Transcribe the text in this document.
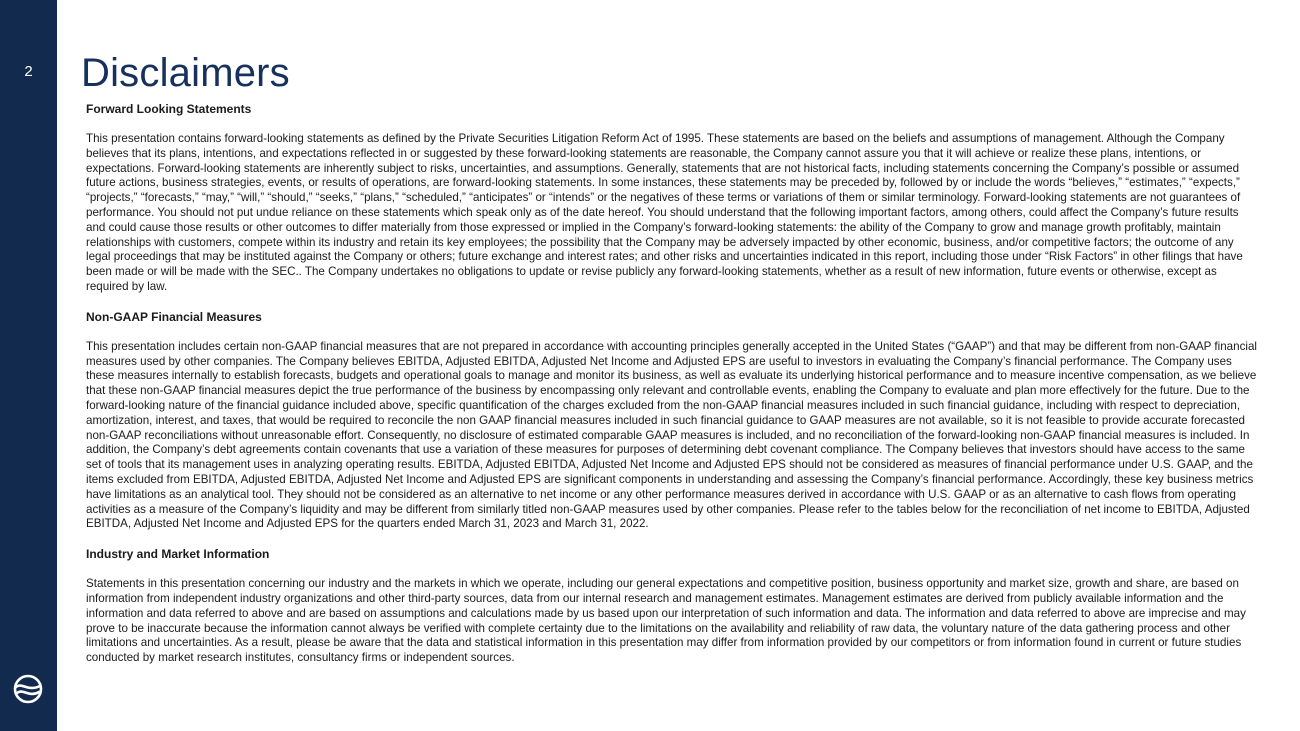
2	Disclaimers
Forward Looking Statements

This presentation contains forward-looking statements as defined by the Private Securities Litigation Reform Act of 1995. These statements are based on the beliefs and assumptions of management. Although the Company believes that its plans, intentions, and expectations reflected in or suggested by these forward-looking statements are reasonable, the Company cannot assure you that it will achieve or realize these plans, intentions, or expectations. Forward-looking statements are inherently subject to risks, uncertainties, and assumptions. Generally, statements that are not historical facts, including statements concerning the Company’s possible or assumed future actions, business strategies, events, or results of operations, are forward-looking statements. In some instances, these statements may be preceded by, followed by or include the words “believes,” “estimates,” “expects,” “projects,” “forecasts,” “may,” “will,” “should,” “seeks,” “plans,” “scheduled,” “anticipates” or “intends” or the negatives of these terms or variations of them or similar terminology. Forward-looking statements are not guarantees of performance. You should not put undue reliance on these statements which speak only as of the date hereof. You should understand that the following important factors, among others, could affect the Company’s future results and could cause those results or other outcomes to differ materially from those expressed or implied in the Company’s forward-looking statements: the ability of the Company to grow and manage growth profitably, maintain relationships with customers, compete within its industry and retain its key employees; the possibility that the Company may be adversely impacted by other economic, business, and/or competitive factors; the outcome of any legal proceedings that may be instituted against the Company or others; future exchange and interest rates; and other risks and uncertainties indicated in this report, including those under “Risk Factors” in other filings that have been made or will be made with the SEC.. The Company undertakes no obligations to update or revise publicly any forward-looking statements, whether as a result of new information, future events or otherwise, except as required by law.

Non-GAAP Financial Measures

This presentation includes certain non-GAAP financial measures that are not prepared in accordance with accounting principles generally accepted in the United States (“GAAP”) and that may be different from non-GAAP financial measures used by other companies. The Company believes EBITDA, Adjusted EBITDA, Adjusted Net Income and Adjusted EPS are useful to investors in evaluating the Company’s financial performance. The Company uses these measures internally to establish forecasts, budgets and operational goals to manage and monitor its business, as well as evaluate its underlying historical performance and to measure incentive compensation, as we believe that these non-GAAP financial measures depict the true performance of the business by encompassing only relevant and controllable events, enabling the Company to evaluate and plan more effectively for the future. Due to the forward-looking nature of the financial guidance included above, specific quantification of the charges excluded from the non-GAAP financial measures included in such financial guidance, including with respect to depreciation, amortization, interest, and taxes, that would be required to reconcile the non GAAP financial measures included in such financial guidance to GAAP measures are not available, so it is not feasible to provide accurate forecasted non-GAAP reconciliations without unreasonable effort. Consequently, no disclosure of estimated comparable GAAP measures is included, and no reconciliation of the forward-looking non-GAAP financial measures is included. In addition, the Company’s debt agreements contain covenants that use a variation of these measures for purposes of determining debt covenant compliance. The Company believes that investors should have access to the same set of tools that its management uses in analyzing operating results. EBITDA, Adjusted EBITDA, Adjusted Net Income and Adjusted EPS should not be considered as measures of financial performance under U.S. GAAP, and the items excluded from EBITDA, Adjusted EBITDA, Adjusted Net Income and Adjusted EPS are significant components in understanding and assessing the Company’s financial performance. Accordingly, these key business metrics have limitations as an analytical tool. They should not be considered as an alternative to net income or any other performance measures derived in accordance with U.S. GAAP or as an alternative to cash flows from operating activities as a measure of the Company’s liquidity and may be different from similarly titled non-GAAP measures used by other companies. Please refer to the tables below for the reconciliation of net income to EBITDA, Adjusted EBITDA, Adjusted Net Income and Adjusted EPS for the quarters ended March 31, 2023 and March 31, 2022.

Industry and Market Information

Statements in this presentation concerning our industry and the markets in which we operate, including our general expectations and competitive position, business opportunity and market size, growth and share, are based on information from independent industry organizations and other third-party sources, data from our internal research and management estimates. Management estimates are derived from publicly available information and the information and data referred to above and are based on assumptions and calculations made by us based upon our interpretation of such information and data. The information and data referred to above are imprecise and may prove to be inaccurate because the information cannot always be verified with complete certainty due to the limitations on the availability and reliability of raw data, the voluntary nature of the data gathering process and other limitations and uncertainties. As a result, please be aware that the data and statistical information in this presentation may differ from information provided by our competitors or from information found in current or future studies conducted by market research institutes, consultancy firms or independent sources.
